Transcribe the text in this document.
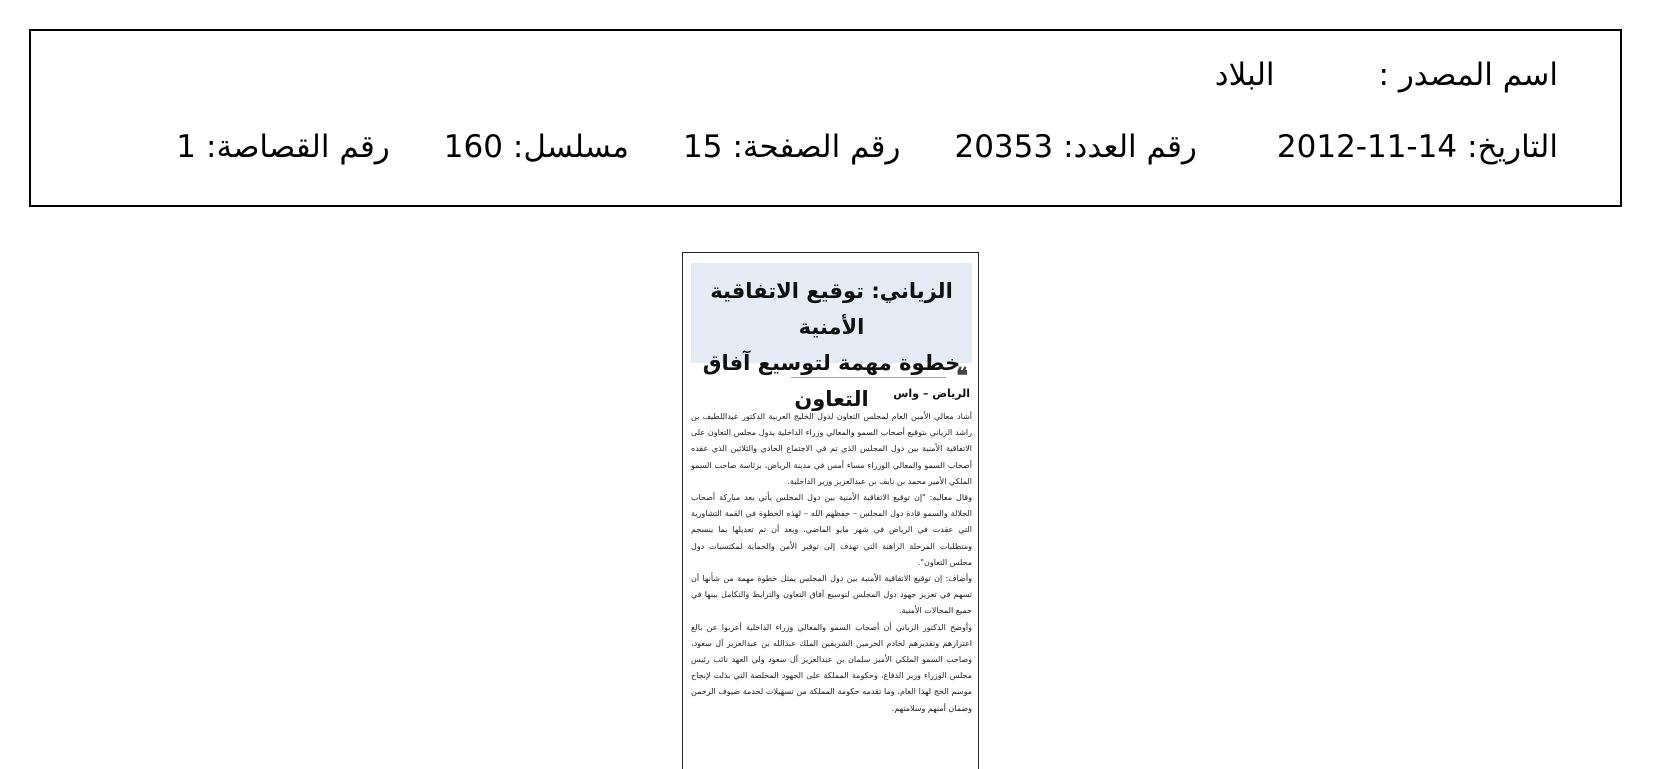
اسم المصدر :البلاد
التاريخ:2012-11-14رقم العدد:20353رقم الصفحة:15مسلسل:160رقم القصاصة:1

الزياني: توقيع الاتفاقية الأمنية

خطوة مهمة لتوسيع آفاق التعاون

❝
الرياض – واس

أشاد معالي الأمين العام لمجلس التعاون لدول الخليج العربية الدكتور عبداللطيف بن راشد الزياني بتوقيع أصحاب السمو والمعالي وزراء الداخلية بدول مجلس التعاون على الاتفاقية الأمنية بين دول المجلس الذي تم في الاجتماع الحادي والثلاثين الذي عقده أصحاب السمو والمعالي الوزراء مساء أمس في مدينة الرياض، برئاسة صاحب السمو الملكي الأمير محمد بن نايف بن عبدالعزيز وزير الداخلية.

وقال معاليه: "إن توقيع الاتفاقية الأمنية بين دول المجلس يأتي بعد مباركة أصحاب الجلالة والسمو قادة دول المجلس – حفظهم الله – لهذه الخطوة في القمة التشاورية التي عقدت في الرياض في شهر مايو الماضي، وبعد أن تم تعديلها بما ينسجم ومتطلبات المرحلة الراهنة التي تهدف إلى توفير الأمن والحماية لمكتسبات دول مجلس التعاون".

وأضاف: إن توقيع الاتفاقية الأمنية بين دول المجلس يمثل خطوة مهمة من شأنها أن تسهم في تعزيز جهود دول المجلس لتوسيع آفاق التعاون والترابط والتكامل بينها في جميع المجالات الأمنية.

وأوضح الدكتور الزياني أن أصحاب السمو والمعالي وزراء الداخلية أعربوا عن بالغ اعتزازهم وتقديرهم لخادم الحرمين الشريفين الملك عبدالله بن عبدالعزيز آل سعود، وصاحب السمو الملكي الأمير سلمان بن عبدالعزيز آل سعود ولي العهد نائب رئيس مجلس الوزراء وزير الدفاع، وحكومة المملكة على الجهود المخلصة التي بذلت لإنجاح موسم الحج لهذا العام، وما تقدمه حكومة المملكة من تسهيلات لخدمة ضيوف الرحمن وضمان أمنهم وسلامتهم.
